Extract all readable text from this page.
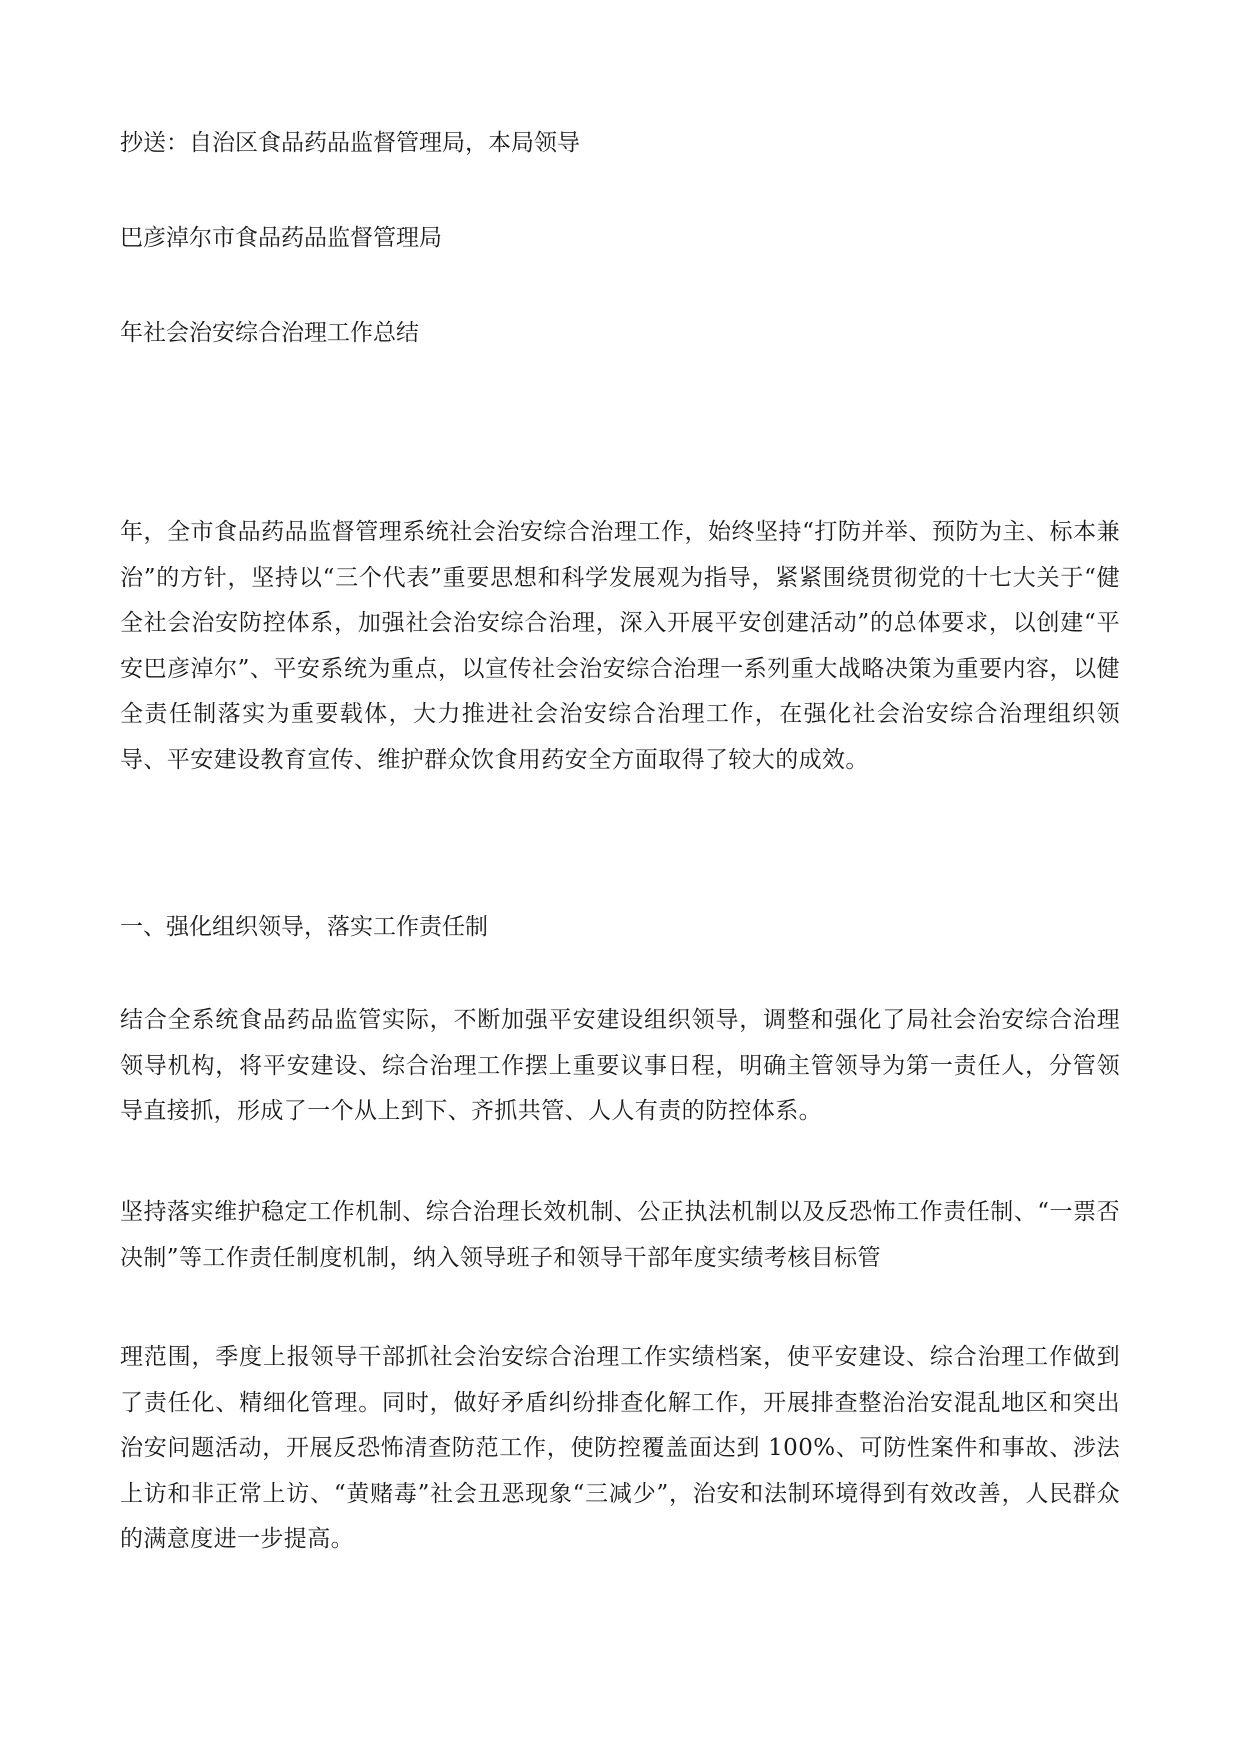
抄送：自治区食品药品监督管理局，本局领导

巴彦淖尔市食品药品监督管理局

年社会治安综合治理工作总结

年，全市食品药品监督管理系统社会治安综合治理工作，始终坚持“打防并举、预防为主、标本兼治”的方针，坚持以“三个代表”重要思想和科学发展观为指导，紧紧围绕贯彻党的十七大关于“健全社会治安防控体系，加强社会治安综合治理，深入开展平安创建活动”的总体要求，以创建“平安巴彦淖尔”、平安系统为重点，以宣传社会治安综合治理一系列重大战略决策为重要内容，以健全责任制落实为重要载体，大力推进社会治安综合治理工作，在强化社会治安综合治理组织领导、平安建设教育宣传、维护群众饮食用药安全方面取得了较大的成效。

一、强化组织领导，落实工作责任制

结合全系统食品药品监管实际，不断加强平安建设组织领导，调整和强化了局社会治安综合治理领导机构，将平安建设、综合治理工作摆上重要议事日程，明确主管领导为第一责任人，分管领导直接抓，形成了一个从上到下、齐抓共管、人人有责的防控体系。

坚持落实维护稳定工作机制、综合治理长效机制、公正执法机制以及反恐怖工作责任制、“一票否决制”等工作责任制度机制，纳入领导班子和领导干部年度实绩考核目标管

理范围，季度上报领导干部抓社会治安综合治理工作实绩档案，使平安建设、综合治理工作做到了责任化、精细化管理。同时，做好矛盾纠纷排查化解工作，开展排查整治治安混乱地区和突出治安问题活动，开展反恐怖清查防范工作，使防控覆盖面达到 100%、可防性案件和事故、涉法上访和非正常上访、“黄赌毒”社会丑恶现象“三减少”，治安和法制环境得到有效改善，人民群众的满意度进一步提高。
